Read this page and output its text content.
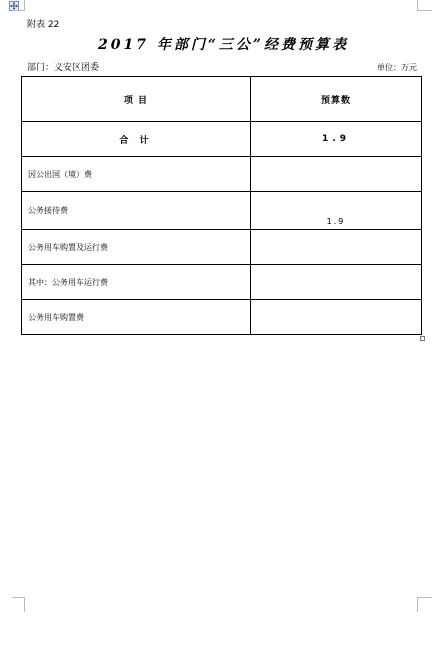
附表 22
2017 年部门“三公”经费预算表
部门：义安区团委	单位：万元
项 目	预算数
合 计	1.9
因公出国（境）费	
公务接待费	1.9
公务用车购置及运行费	
其中：公务用车运行费	
公务用车购置费	
